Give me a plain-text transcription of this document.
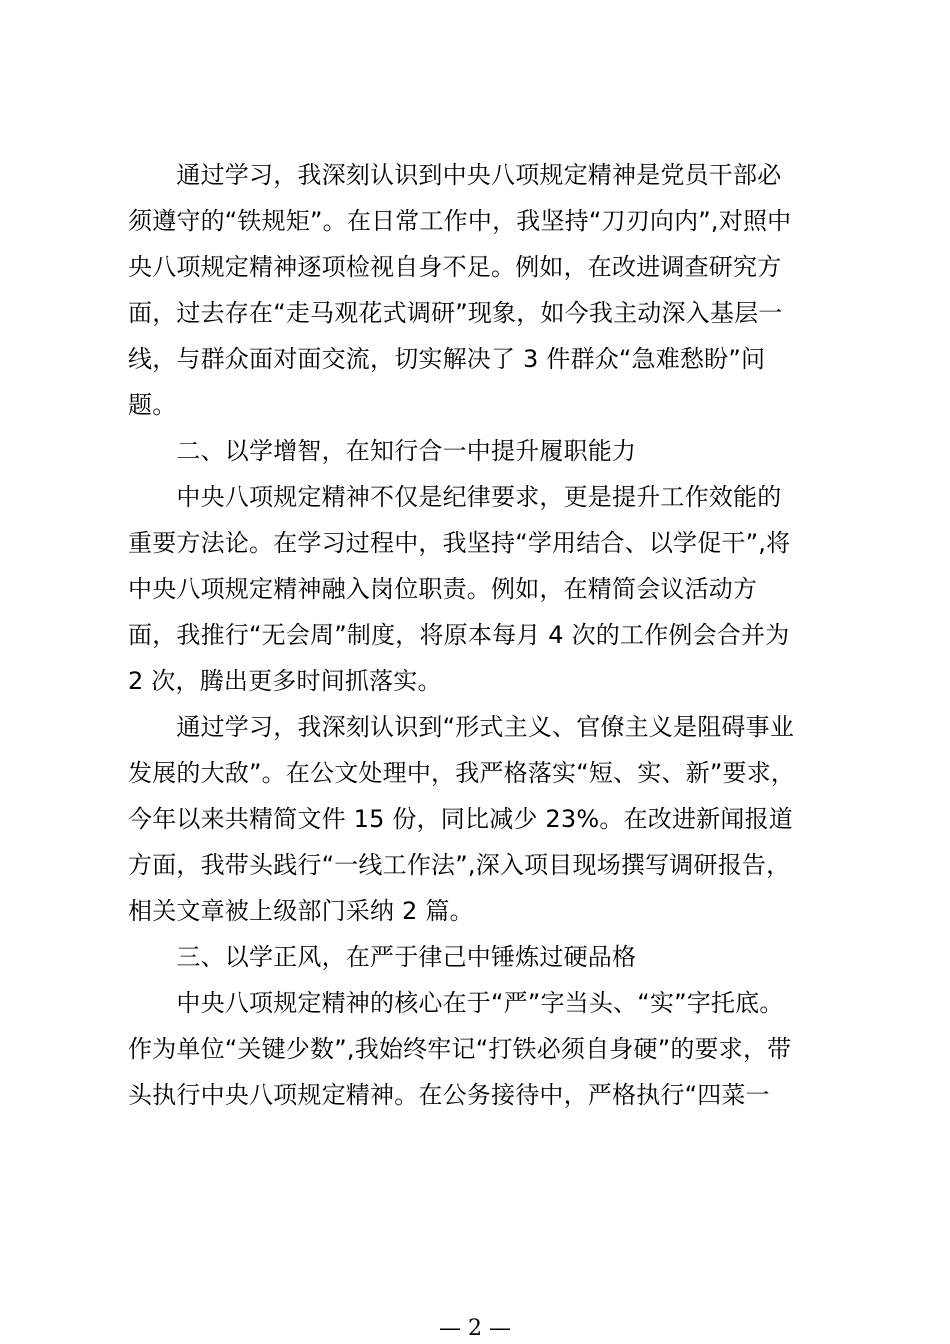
　　通过学习，我深刻认识到中央八项规定精神是党员干部必
须遵守的“铁规矩”。在日常工作中，我坚持“刀刃向内”,对照中
央八项规定精神逐项检视自身不足。例如，在改进调查研究方
面，过去存在“走马观花式调研”现象，如今我主动深入基层一
线，与群众面对面交流，切实解决了 3 件群众“急难愁盼”问
题。
　　二、以学增智，在知行合一中提升履职能力
　　中央八项规定精神不仅是纪律要求，更是提升工作效能的
重要方法论。在学习过程中，我坚持“学用结合、以学促干”,将
中央八项规定精神融入岗位职责。例如，在精简会议活动方
面，我推行“无会周”制度，将原本每月 4 次的工作例会合并为
2 次，腾出更多时间抓落实。
　　通过学习，我深刻认识到“形式主义、官僚主义是阻碍事业
发展的大敌”。在公文处理中，我严格落实“短、实、新”要求，
今年以来共精简文件 15 份，同比减少 23%。在改进新闻报道
方面，我带头践行“一线工作法”,深入项目现场撰写调研报告，
相关文章被上级部门采纳 2 篇。
　　三、以学正风，在严于律己中锤炼过硬品格
　　中央八项规定精神的核心在于“严”字当头、“实”字托底。
作为单位“关键少数”,我始终牢记“打铁必须自身硬”的要求，带
头执行中央八项规定精神。在公务接待中，严格执行“四菜一
— 2 —
